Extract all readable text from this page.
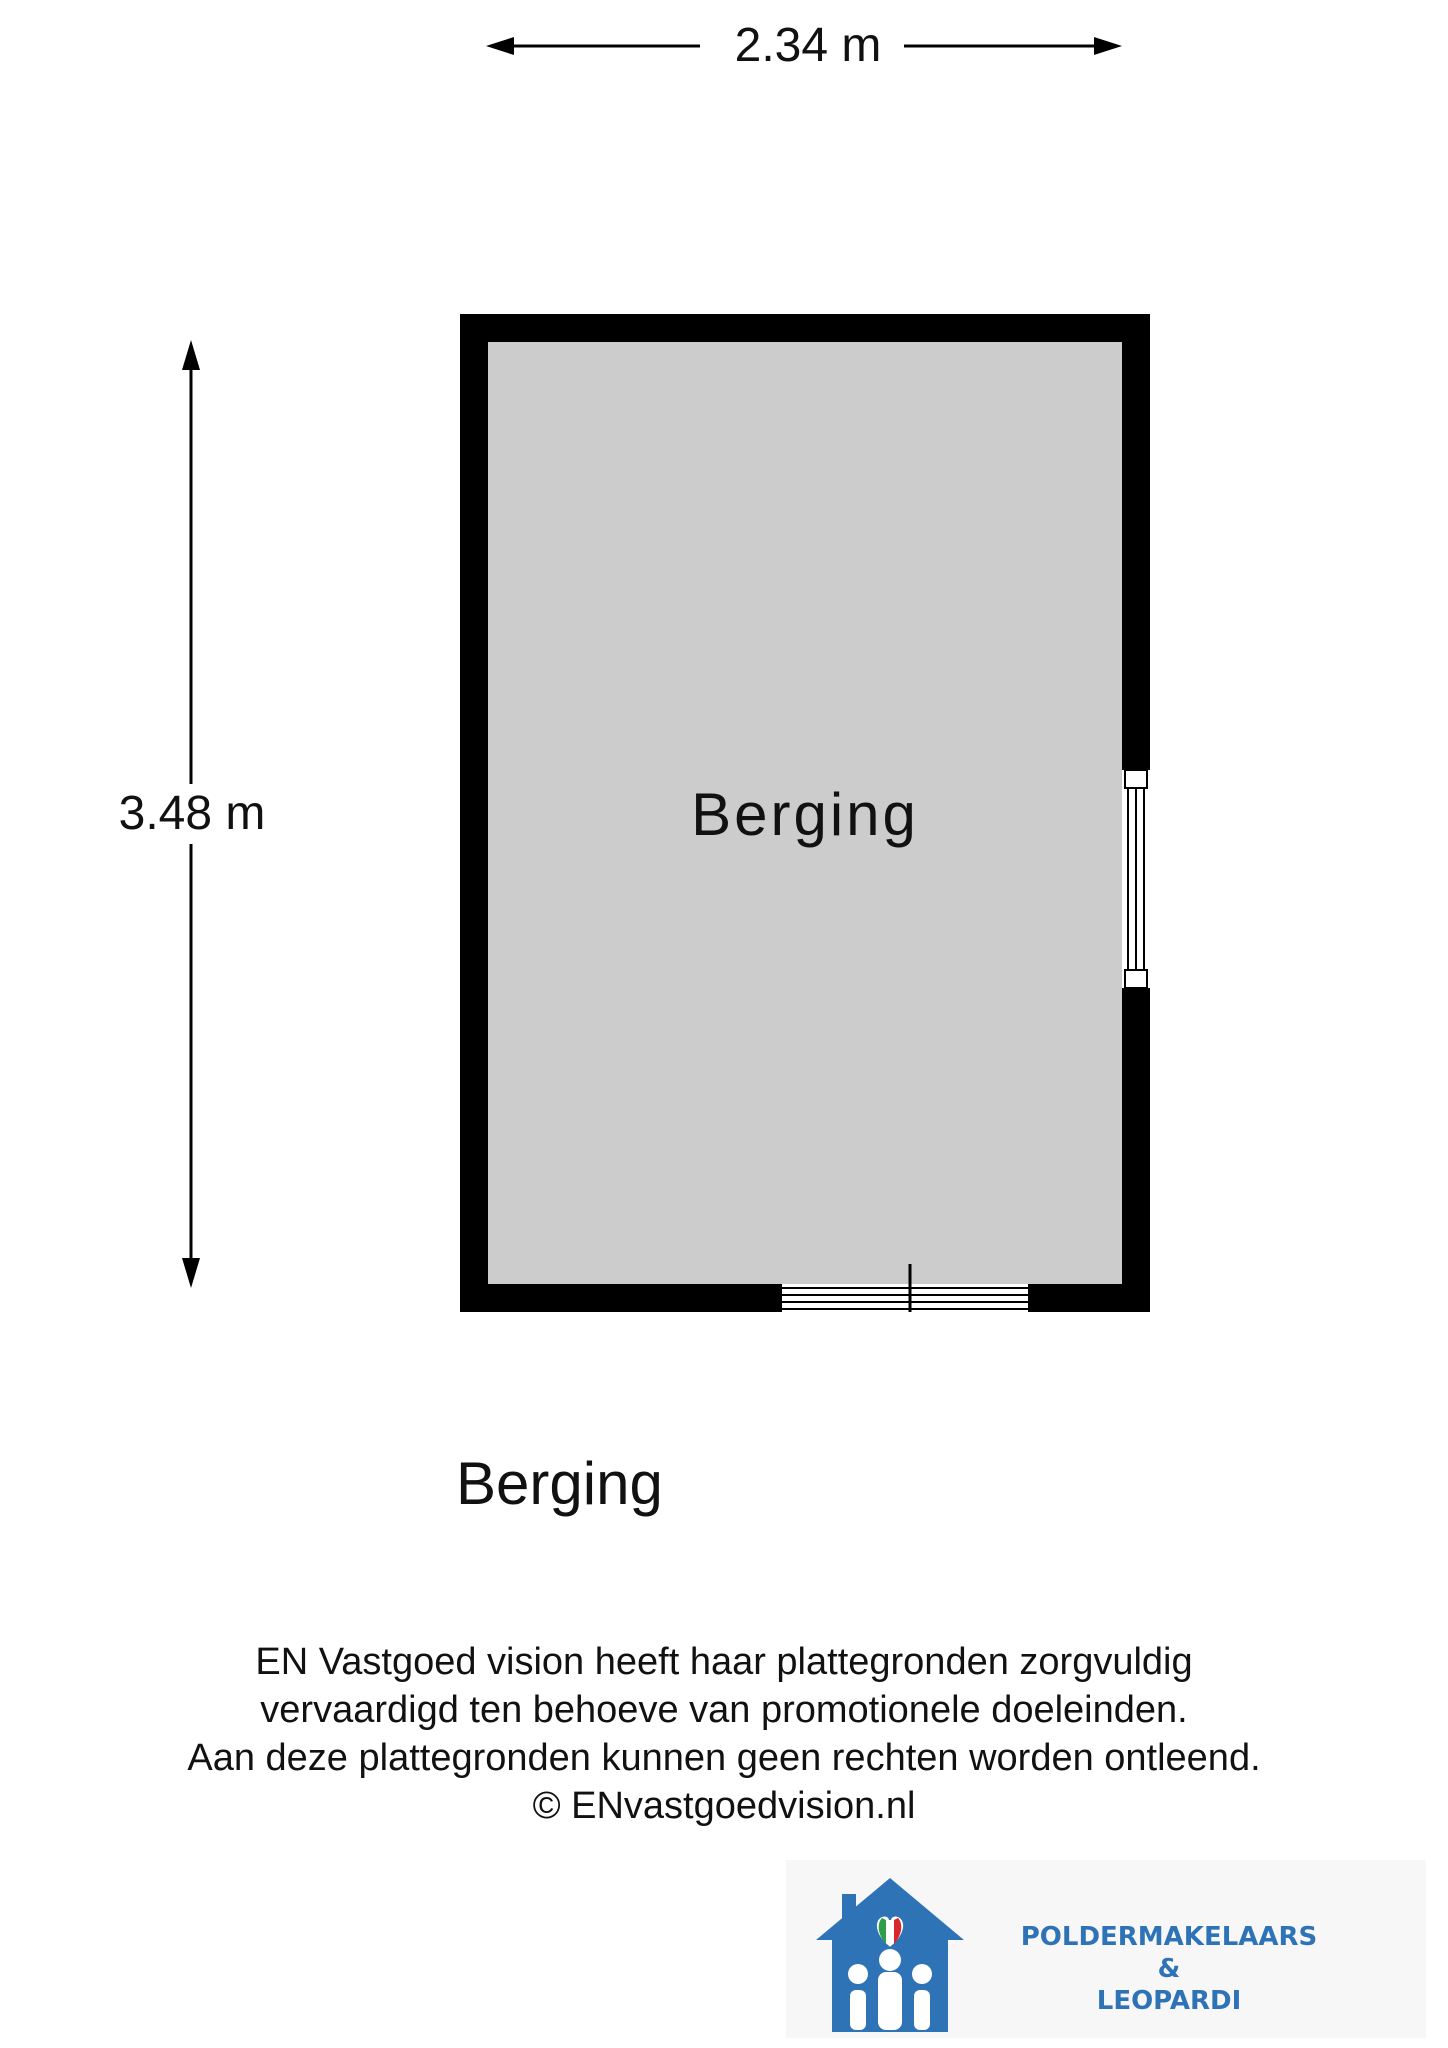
2.34 m
3.48 m	Berging
Berging
EN Vastgoed vision heeft haar plattegronden zorgvuldig
vervaardigd ten behoeve van promotionele doeleinden.
Aan deze plattegronden kunnen geen rechten worden ontleend.
© ENvastgoedvision.nl
POLDERMAKELAARS
&
LEOPARDI
